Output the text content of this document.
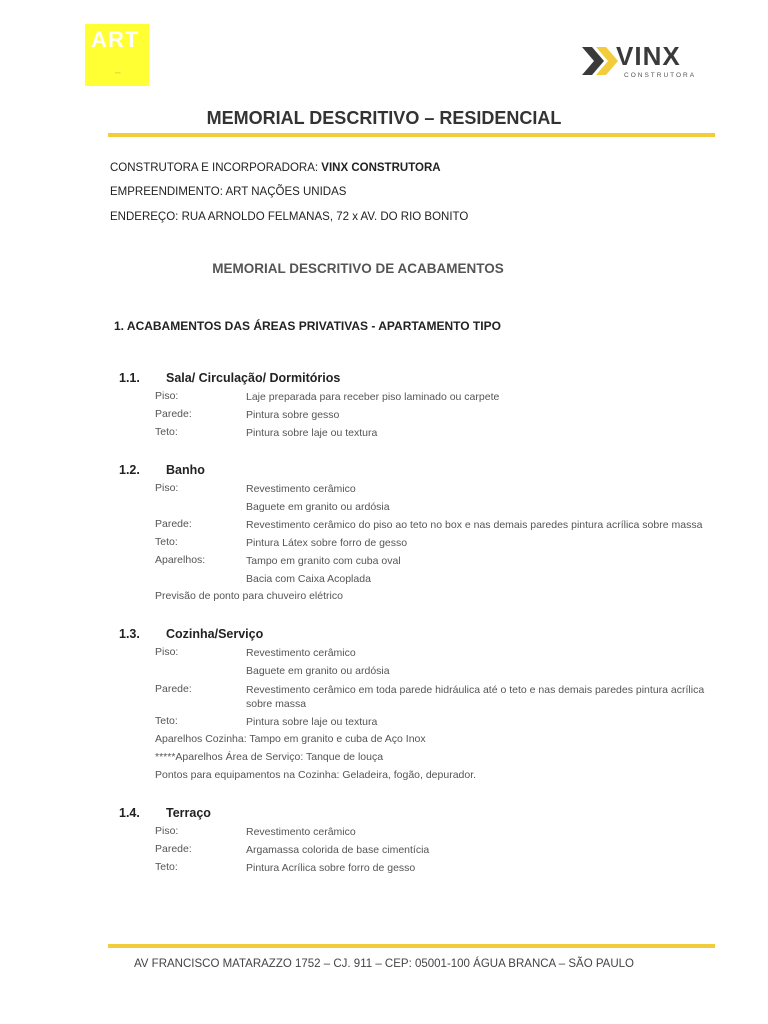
ART
▪▪▪▪
VINX
CONSTRUTORA
MEMORIAL DESCRITIVO – RESIDENCIAL
CONSTRUTORA E INCORPORADORA: VINX CONSTRUTORA
EMPREENDIMENTO: ART NAÇÕES UNIDAS
ENDEREÇO: RUA ARNOLDO FELMANAS, 72 x AV. DO RIO BONITO
MEMORIAL DESCRITIVO DE ACABAMENTOS
1. ACABAMENTOS DAS ÁREAS PRIVATIVAS - APARTAMENTO TIPO
1.1. Sala/ Circulação/ Dormitórios
Piso:	Laje preparada para receber piso laminado ou carpete
Parede:	Pintura sobre gesso
Teto:	Pintura sobre laje ou textura
1.2. Banho
Piso:	Revestimento cerâmico
Baguete em granito ou ardósia
Parede:	Revestimento cerâmico do piso ao teto no box e nas demais paredes pintura acrílica sobre massa
Teto:	Pintura Látex sobre forro de gesso
Aparelhos:	Tampo em granito com cuba oval
Bacia com Caixa Acoplada
Previsão de ponto para chuveiro elétrico
1.3. Cozinha/Serviço
Piso:	Revestimento cerâmico
Baguete em granito ou ardósia
Parede:	Revestimento cerâmico em toda parede hidráulica até o teto e nas demais paredes pintura acrílica sobre massa
Teto:	Pintura sobre laje ou textura
Aparelhos Cozinha: Tampo em granito e cuba de Aço Inox
*****Aparelhos Área de Serviço: Tanque de louça
Pontos para equipamentos na Cozinha: Geladeira, fogão, depurador.
1.4. Terraço
Piso:	Revestimento cerâmico
Parede:	Argamassa colorida de base cimentícia
Teto:	Pintura Acrílica sobre forro de gesso
AV FRANCISCO MATARAZZO 1752 – CJ. 911 – CEP: 05001-100 ÁGUA BRANCA – SÃO PAULO
